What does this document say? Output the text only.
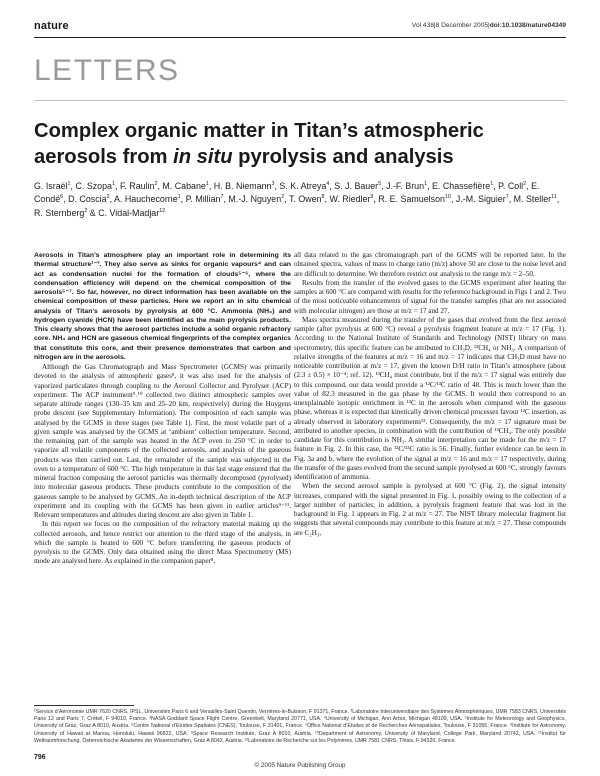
nature	Vol 438|8 December 2005|doi:10.1038/nature04349
LETTERS
Complex organic matter in Titan’s atmospheric aerosols from in situ pyrolysis and analysis

G. Israël$^1$, C. Szopa$^1$, F. Raulin$^2$, M. Cabane$^1$, H. B. Niemann$^3$, S. K. Atreya$^4$, S. J. Bauer$^5$, J.-F. Brun$^1$, E. Chassefière$^1$, P. Coll$^2$, E. Condé$^6$, D. Coscia$^2$, A. Hauchecorne$^1$, P. Millian$^7$, M.-J. Nguyen$^2$, T. Owen$^8$, W. Riedler$^9$, R. E. Samuelson$^{10}$, J.-M. Siguier$^7$, M. Steller$^{11}$, R. Sternberg$^2$ & C. Vidal-Madjar$^{12}$

Aerosols in Titan’s atmosphere play an important role in determining its thermal structure¹⁻³. They also serve as sinks for organic vapours⁴ and can act as condensation nuclei for the formation of clouds⁵⁻⁶, where the condensation efficiency will depend on the chemical composition of the aerosols⁵⁻⁷. So far, however, no direct information has been available on the chemical composition of these particles. Here we report an in situ chemical analysis of Titan’s aerosols by pyrolysis at 600 °C. Ammonia (NH₃) and hydrogen cyanide (HCN) have been identified as the main pyrolysis products. This clearly shows that the aerosol particles include a solid organic refractory core. NH₃ and HCN are gaseous chemical fingerprints of the complex organics that constitute this core, and their presence demonstrates that carbon and nitrogen are in the aerosols.

Although the Gas Chromatograph and Mass Spectrometer (GCMS) was primarily devoted to the analysis of atmospheric gases⁸, it was also used for the analysis of vaporized particulates through coupling to the Aerosol Collector and Pyrolyser (ACP) experiment. The ACP instrument⁹˒¹⁰ collected two distinct atmospheric samples over separate altitude ranges (130–35 km and 25–20 km, respectively) during the Huygens probe descent (see Supplementary Information). The composition of each sample was analysed by the GCMS in three stages (see Table 1). First, the most volatile part of a given sample was analysed by the GCMS at ‘ambient’ collection temperature. Second, the remaining part of the sample was heated in the ACP oven to 250 °C in order to vaporize all volatile components of the collected aerosols, and analysis of the gaseous products was then carried out. Last, the remainder of the sample was subjected in the oven to a temperature of 600 °C. The high temperature in this last stage ensured that the mineral fraction composing the aerosol particles was thermally decomposed (pyrolysed) into molecular gaseous products. These products contribute to the composition of the gaseous sample to be analysed by GCMS. An in-depth technical description of the ACP experiment and its coupling with the GCMS has been given in earlier articles⁹⁻¹¹. Relevant temperatures and altitudes during descent are also given in Table 1.

In this report we focus on the composition of the refractory material making up the collected aerosols, and hence restrict our attention to the third stage of the analysis, in which the sample is heated to 600 °C before transferring the gaseous products of pyrolysis to the GCMS. Only data obtained using the direct Mass Spectrometry (MS) mode are analysed here. As explained in the companion paper⁸,

all data related to the gas chromatograph part of the GCMS will be reported later. In the obtained spectra, values of mass to charge ratio (m/z) above 50 are close to the noise level and are difficult to determine. We therefore restrict our analysis to the range m/z = 2–50.

Results from the transfer of the evolved gases to the GCMS experiment after heating the samples at 600 °C are compared with results for the reference background in Figs 1 and 2. Two of the most noticeable enhancements of signal for the transfer samples (that are not associated with molecular nitrogen) are those at m/z = 17 and 27.

Mass spectra measured during the transfer of the gases that evolved from the first aerosol sample (after pyrolysis at 600 °C) reveal a pyrolysis fragment feature at m/z = 17 (Fig. 1). According to the National Institute of Standards and Technology (NIST) library on mass spectrometry, this specific feature can be attributed to CH₃D, ¹³CH₄ or NH₃. A comparison of relative strengths of the features at m/z = 16 and m/z = 17 indicates that CH₃D must have no noticeable contribution at m/z = 17, given the known D/H ratio in Titan’s atmosphere (about (2.3 ± 0.5) × 10⁻⁴; ref. 12). ¹³CH₄ must contribute, but if the m/z = 17 signal was entirely due to this compound, our data would provide a ¹²C/¹³C ratio of 48. This is much lower than the value of 82.3 measured in the gas phase by the GCMS. It would then correspond to an unexplainable isotopic enrichment in ¹³C in the aerosols when compared with the gaseous phase, whereas it is expected that kinetically driven chemical processes favour ¹²C insertion, as already observed in laboratory experiments¹³. Consequently, the m/z = 17 signature must be attributed to another species, in combination with the contribution of ¹³CH₄. The only possible candidate for this contribution is NH₃. A similar interpretation can be made for the m/z = 17 feature in Fig. 2. In this case, the ¹²C/¹³C ratio is 56. Finally, further evidence can be seen in Fig. 3a and b, where the evolution of the signal at m/z = 16 and m/z = 17 respectively, during the transfer of the gases evolved from the second sample pyrolysed at 600 °C, strongly favours identification of ammonia.

When the second aerosol sample is pyrolysed at 600 °C (Fig. 2), the signal intensity increases, compared with the signal presented in Fig. 1, possibly owing to the collection of a larger number of particles; in addition, a pyrolysis fragment feature that was lost in the background in Fig. 1 appears in Fig. 2 at m/z = 27. The NIST library molecular fragment list suggests that several compounds may contribute to this feature at m/z = 27. These compounds are C₂H₃,

¹Service d’Aéronomie UMR 7620 CNRS, IPSL, Universités Paris 6 and Versailles-Saint Quentin, Verrières-le-Buisson, F 91371, France. ²Laboratoire Interuniversitaire des Systèmes Atmosphériques, UMR 7583 CNRS, Universités Paris 12 and Paris 7, Créteil, F 94010, France. ³NASA Goddard Space Flight Centre, Greenbelt, Maryland 20771, USA. ⁴University of Michigan, Ann Arbor, Michigan 48109, USA. ⁵Institute for Meteorology and Geophysics, University of Graz, Graz A 8010, Austria. ⁶Centre National d’Etudes Spatiales (CNES), Toulouse, F 31401, France. ⁷Office National d’Etudes et de Recherches Aérospatiales, Toulouse, F 31055, France. ⁸Institute for Astronomy, University of Hawaii at Manoa, Honolulu, Hawaii 96822, USA. ⁹Space Research Institute, Graz A 8010, Austria. ¹⁰Department of Astronomy, University of Maryland, College Park, Maryland 20742, USA. ¹¹Institut für Weltraumforschung, Österreichische Akademie der Wissenschaften, Graz A 8042, Austria. ¹²Laboratoire de Recherche sur les Polymères, UMR 7581 CNRS, Thiais, F 94320, France.

796
© 2005 Nature Publishing Group
